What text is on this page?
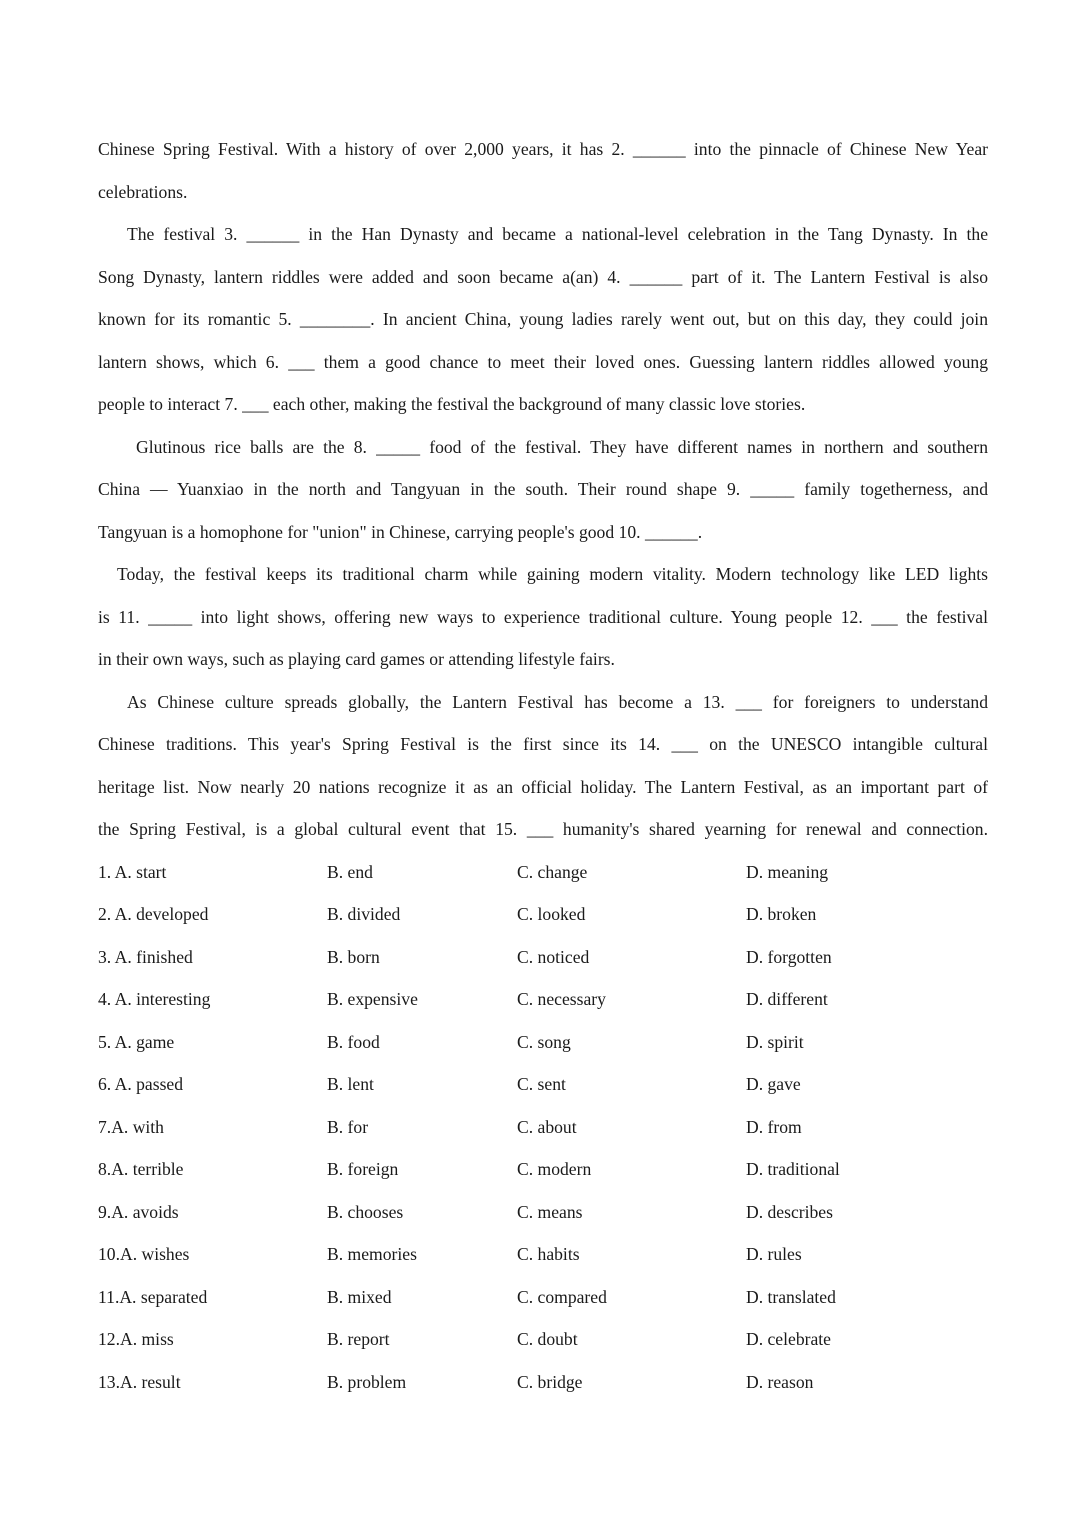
Chinese Spring Festival. With a history of over 2,000 years, it has 2. ______ into the pinnacle of Chinese New Year
celebrations.
The festival 3. ______ in the Han Dynasty and became a national-level celebration in the Tang Dynasty. In the
Song Dynasty, lantern riddles were added and soon became a(an) 4. ______ part of it. The Lantern Festival is also
known for its romantic 5. ________. In ancient China, young ladies rarely went out, but on this day, they could join
lantern shows, which 6. ___ them a good chance to meet their loved ones. Guessing lantern riddles allowed young
people to interact 7. ___ each other, making the festival the background of many classic love stories.
Glutinous rice balls are the 8. _____ food of the festival. They have different names in northern and southern
China — Yuanxiao in the north and Tangyuan in the south. Their round shape 9. _____ family togetherness, and
Tangyuan is a homophone for "union" in Chinese, carrying people's good 10. ______.
Today, the festival keeps its traditional charm while gaining modern vitality. Modern technology like LED lights
is 11. _____ into light shows, offering new ways to experience traditional culture. Young people 12. ___ the festival
in their own ways, such as playing card games or attending lifestyle fairs.
As Chinese culture spreads globally, the Lantern Festival has become a 13. ___ for foreigners to understand
Chinese traditions. This year's Spring Festival is the first since its 14. ___ on the UNESCO intangible cultural
heritage list. Now nearly 20 nations recognize it as an official holiday. The Lantern Festival, as an important part of
the Spring Festival, is a global cultural event that 15. ___ humanity's shared yearning for renewal and connection.
1. A. start	B. end	C. change	D. meaning
2. A. developed	B. divided	C. looked	D. broken
3. A. finished	B. born	C. noticed	D. forgotten
4. A. interesting	B. expensive	C. necessary	D. different
5. A. game	B. food	C. song	D. spirit
6. A. passed	B. lent	C. sent	D. gave
7.A. with	B. for	C. about	D. from
8.A. terrible	B. foreign	C. modern	D. traditional
9.A. avoids	B. chooses	C. means	D. describes
10.A. wishes	B. memories	C. habits	D. rules
11.A. separated	B. mixed	C. compared	D. translated
12.A. miss	B. report	C. doubt	D. celebrate
13.A. result	B. problem	C. bridge	D. reason
